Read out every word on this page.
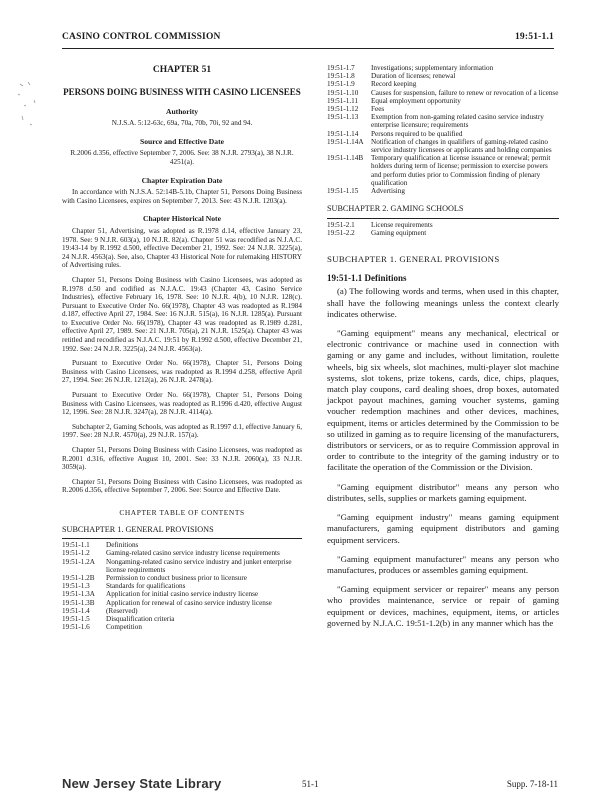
CASINO CONTROL COMMISSION	19:51-1.1
CHAPTER 51
PERSONS DOING BUSINESS WITH CASINO LICENSEES
Authority
N.J.S.A. 5:12-63c, 69a, 70a, 70b, 70i, 92 and 94.
Source and Effective Date
R.2006 d.356, effective September 7, 2006. See: 38 N.J.R. 2793(a), 38 N.J.R. 4251(a).
Chapter Expiration Date

In accordance with N.J.S.A. 52:14B-5.1b, Chapter 51, Persons Doing Business with Casino Licensees, expires on September 7, 2013. See: 43 N.J.R. 1203(a).

Chapter Historical Note

Chapter 51, Advertising, was adopted as R.1978 d.14, effective January 23, 1978. See: 9 N.J.R. 603(a), 10 N.J.R. 82(a). Chapter 51 was recodified as N.J.A.C. 19:43-14 by R.1992 d.500, effective December 21, 1992. See: 24 N.J.R. 3225(a), 24 N.J.R. 4563(a). See, also, Chapter 43 Historical Note for rulemaking HISTORY of Advertising rules.

Chapter 51, Persons Doing Business with Casino Licensees, was adopted as R.1978 d.50 and codified as N.J.A.C. 19:43 (Chapter 43, Casino Service Industries), effective February 16, 1978. See: 10 N.J.R. 4(b), 10 N.J.R. 128(c). Pursuant to Executive Order No. 66(1978), Chapter 43 was readopted as R.1984 d.187, effective April 27, 1984. See: 16 N.J.R. 515(a), 16 N.J.R. 1285(a). Pursuant to Executive Order No. 66(1978), Chapter 43 was readopted as R.1989 d.281, effective April 27, 1989. See: 21 N.J.R. 705(a), 21 N.J.R. 1525(a). Chapter 43 was retitled and recodified as N.J.A.C. 19:51 by R.1992 d.500, effective December 21, 1992. See: 24 N.J.R. 3225(a), 24 N.J.R. 4563(a).

Pursuant to Executive Order No. 66(1978), Chapter 51, Persons Doing Business with Casino Licensees, was readopted as R.1994 d.258, effective April 27, 1994. See: 26 N.J.R. 1212(a), 26 N.J.R. 2478(a).

Pursuant to Executive Order No. 66(1978), Chapter 51, Persons Doing Business with Casino Licensees, was readopted as R.1996 d.420, effective August 12, 1996. See: 28 N.J.R. 3247(a), 28 N.J.R. 4114(a).

Subchapter 2, Gaming Schools, was adopted as R.1997 d.1, effective January 6, 1997. See: 28 N.J.R. 4570(a), 29 N.J.R. 157(a).

Chapter 51, Persons Doing Business with Casino Licensees, was readopted as R.2001 d.316, effective August 10, 2001. See: 33 N.J.R. 2060(a), 33 N.J.R. 3059(a).

Chapter 51, Persons Doing Business with Casino Licensees, was readopted as R.2006 d.356, effective September 7, 2006. See: Source and Effective Date.

CHAPTER TABLE OF CONTENTS
SUBCHAPTER 1. GENERAL PROVISIONS
19:51-1.1	Definitions
19:51-1.2	Gaming-related casino service industry license requirements
19:51-1.2A	Nongaming-related casino service industry and junket enterprise license requirements
19:51-1.2B	Permission to conduct business prior to licensure
19:51-1.3	Standards for qualifications
19:51-1.3A	Application for initial casino service industry license
19:51-1.3B	Application for renewal of casino service industry license
19:51-1.4	(Reserved)
19:51-1.5	Disqualification criteria
19:51-1.6	Competition
19:51-1.7	Investigations; supplementary information
19:51-1.8	Duration of licenses; renewal
19:51-1.9	Record keeping
19:51-1.10	Causes for suspension, failure to renew or revocation of a license
19:51-1.11	Equal employment opportunity
19:51-1.12	Fees
19:51-1.13	Exemption from non-gaming related casino service industry enterprise licensure; requirements
19:51-1.14	Persons required to be qualified
19:51-1.14A	Notification of changes in qualifiers of gaming-related casino service industry licensees or applicants and holding companies
19:51-1.14B	Temporary qualification at license issuance or renewal; permit holders during term of license; permission to exercise powers and perform duties prior to Commission finding of plenary qualification
19:51-1.15	Advertising
SUBCHAPTER 2. GAMING SCHOOLS
19:51-2.1	License requirements
19:51-2.2	Gaming equipment
SUBCHAPTER 1. GENERAL PROVISIONS
19:51-1.1 Definitions

(a) The following words and terms, when used in this chapter, shall have the following meanings unless the context clearly indicates otherwise.

"Gaming equipment" means any mechanical, electrical or electronic contrivance or machine used in connection with gaming or any game and includes, without limitation, roulette wheels, big six wheels, slot machines, multi-player slot machine systems, slot tokens, prize tokens, cards, dice, chips, plaques, match play coupons, card dealing shoes, drop boxes, automated jackpot payout machines, gaming voucher systems, gaming voucher redemption machines and other devices, machines, equipment, items or articles determined by the Commission to be so utilized in gaming as to require licensing of the manufacturers, distributors or servicers, or as to require Commission approval in order to contribute to the integrity of the gaming industry or to facilitate the operation of the Commission or the Division.

"Gaming equipment distributor" means any person who distributes, sells, supplies or markets gaming equipment.

"Gaming equipment industry" means gaming equipment manufacturers, gaming equipment distributors and gaming equipment servicers.

"Gaming equipment manufacturer" means any person who manufactures, produces or assembles gaming equipment.

"Gaming equipment servicer or repairer" means any person who provides maintenance, service or repair of gaming equipment or devices, machines, equipment, items, or articles governed by N.J.A.C. 19:51-1.2(b) in any manner which has the

New Jersey State Library	51-1	Supp. 7-18-11
